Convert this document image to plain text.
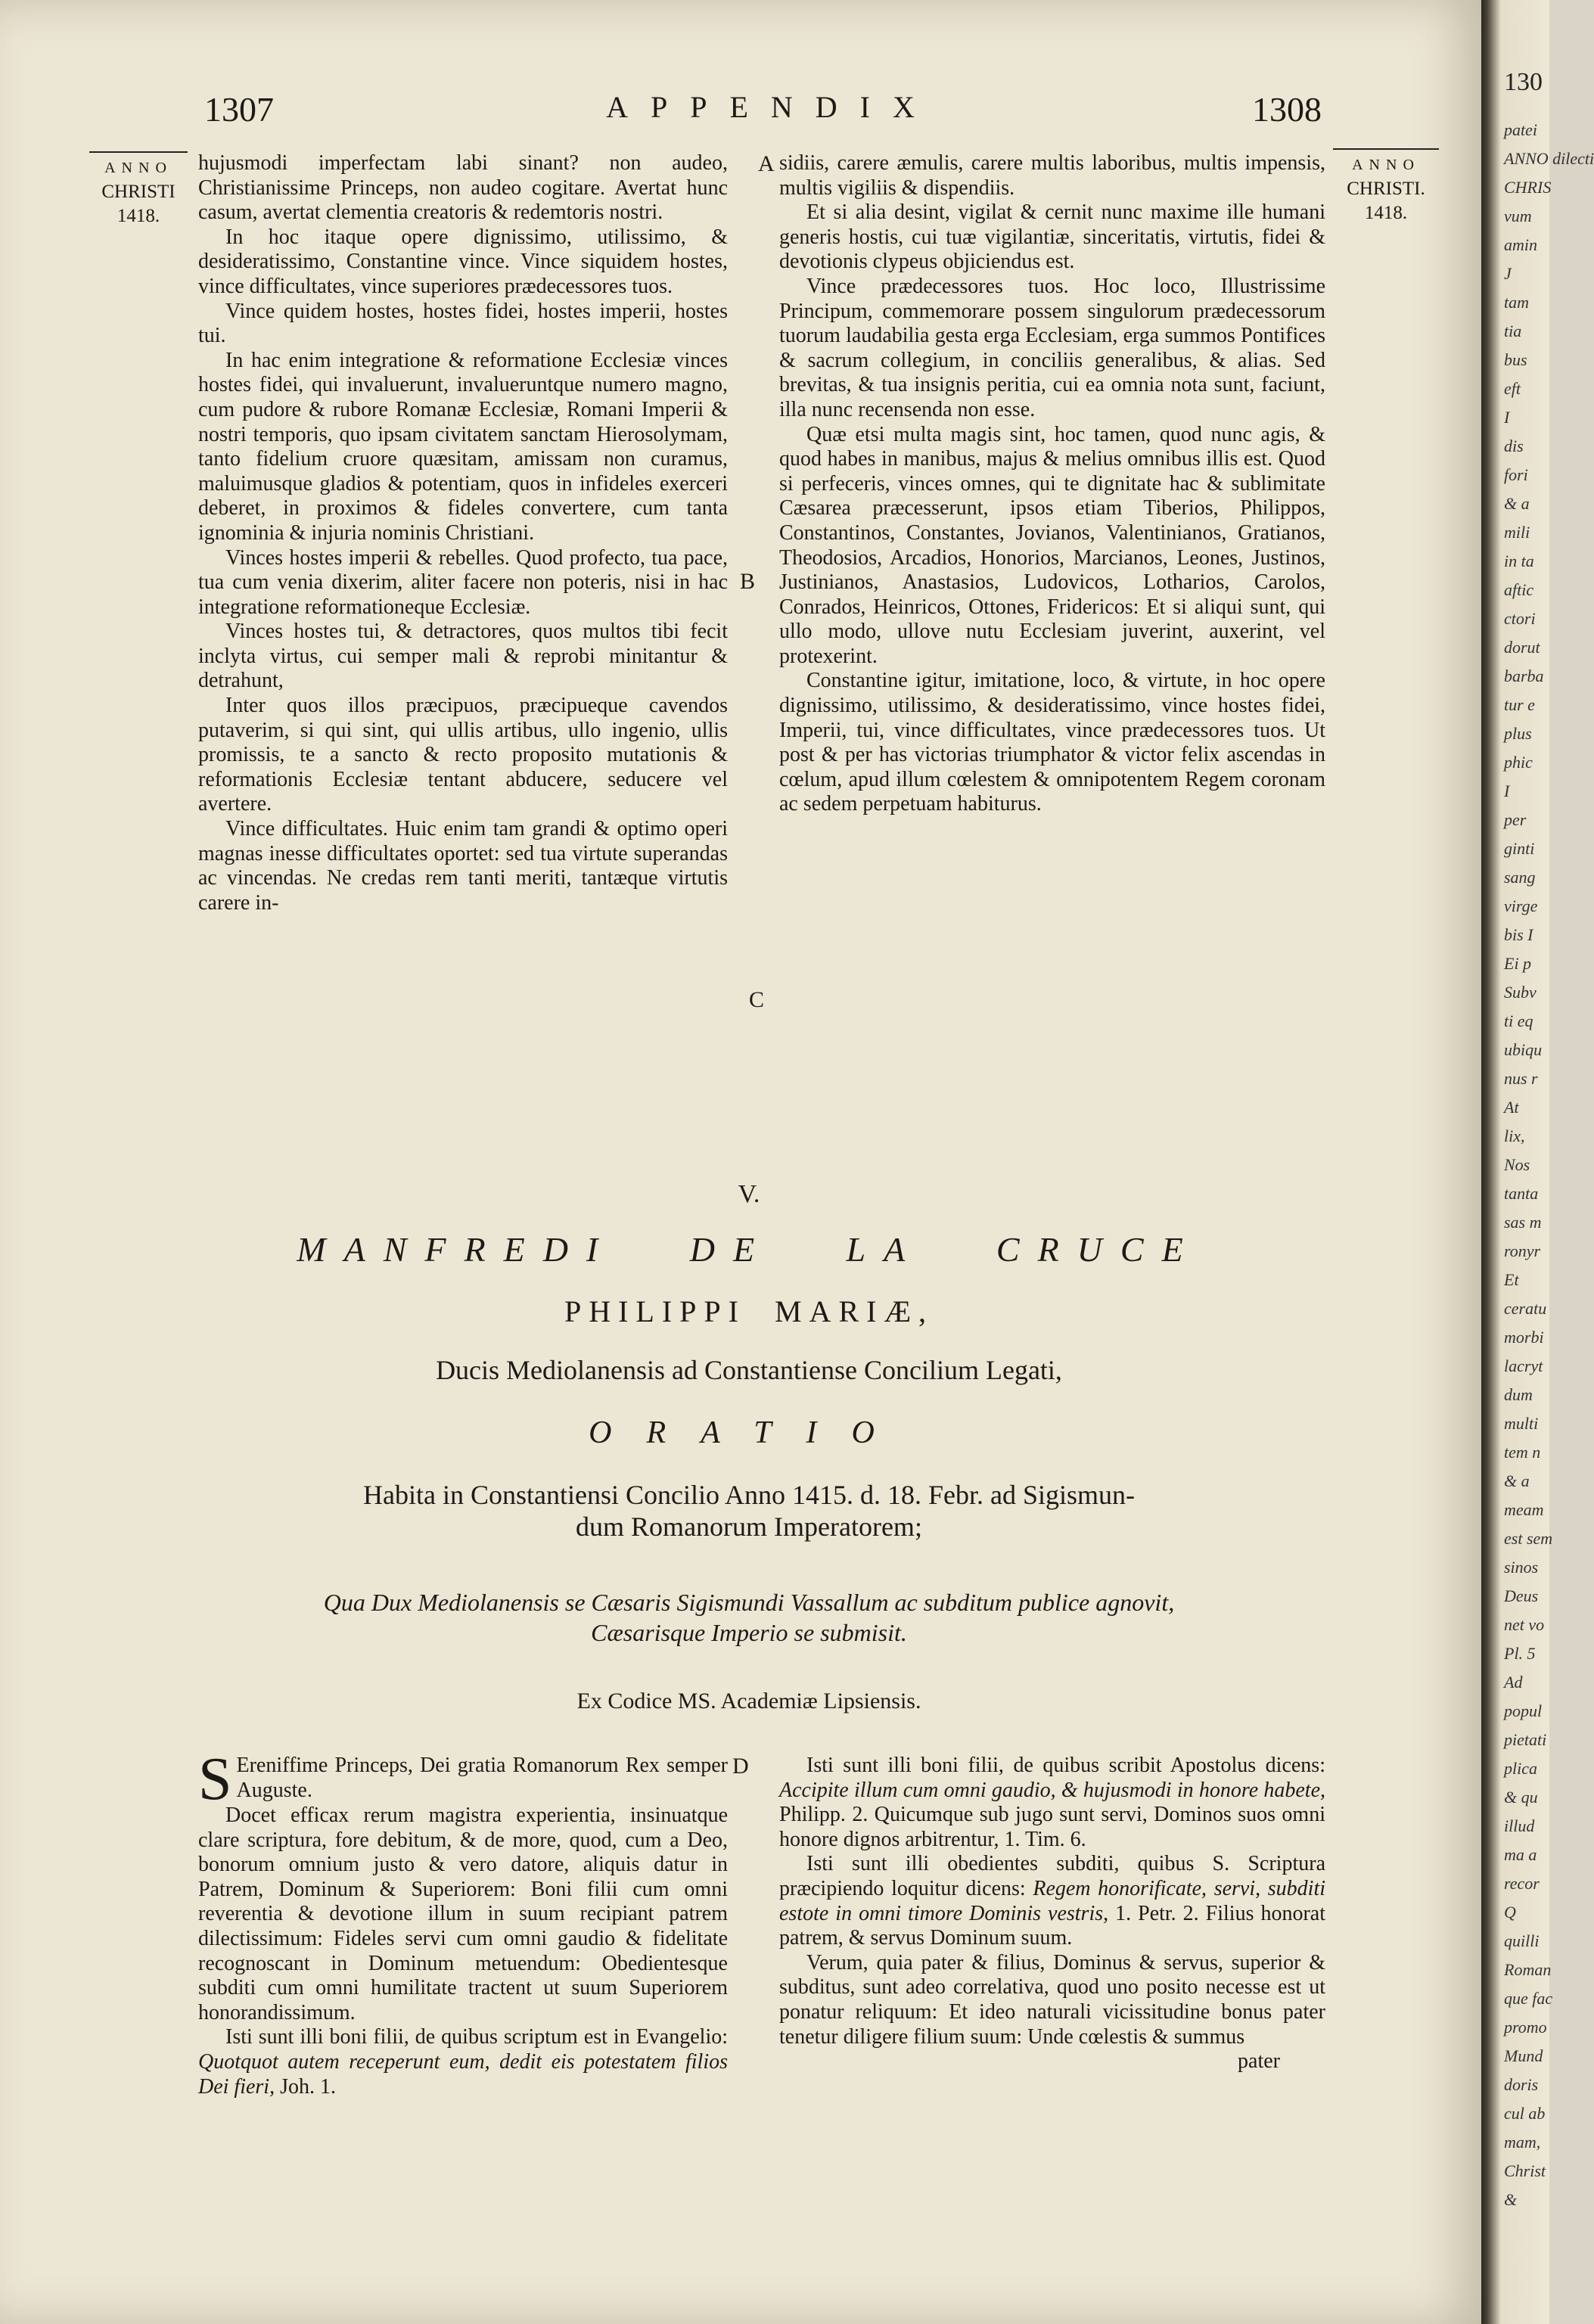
1307	APPENDIX	1308
ANNO
CHRISTI
1418.
ANNO
CHRISTI.
1418.
A
B
C
D

hujusmodi imperfectam labi sinant? non audeo, Christianissime Princeps, non audeo cogitare. Avertat hunc casum, avertat clementia creatoris & redemtoris nostri.

In hoc itaque opere dignissimo, utilissimo, & desideratissimo, Constantine vince. Vince siquidem hostes, vince difficultates, vince superiores prædecessores tuos.

Vince quidem hostes, hostes fidei, hostes imperii, hostes tui.

In hac enim integratione & reformatione Ecclesiæ vinces hostes fidei, qui invaluerunt, invalueruntque numero magno, cum pudore & rubore Romanæ Ecclesiæ, Romani Imperii & nostri temporis, quo ipsam civitatem sanctam Hierosolymam, tanto fidelium cruore quæsitam, amissam non curamus, maluimusque gladios & potentiam, quos in infideles exerceri deberet, in proximos & fideles convertere, cum tanta ignominia & injuria nominis Christiani.

Vinces hostes imperii & rebelles. Quod profecto, tua pace, tua cum venia dixerim, aliter facere non poteris, nisi in hac integratione reformationeque Ecclesiæ.

Vinces hostes tui, & detractores, quos multos tibi fecit inclyta virtus, cui semper mali & reprobi minitantur & detrahunt,

Inter quos illos præcipuos, præcipueque cavendos putaverim, si qui sint, qui ullis artibus, ullo ingenio, ullis promissis, te a sancto & recto proposito mutationis & reformationis Ecclesiæ tentant abducere, seducere vel avertere.

Vince difficultates. Huic enim tam grandi & optimo operi magnas inesse difficultates oportet: sed tua virtute superandas ac vincendas. Ne credas rem tanti meriti, tantæque virtutis carere in-

sidiis, carere æmulis, carere multis laboribus, multis impensis, multis vigiliis & dispendiis.

Et si alia desint, vigilat & cernit nunc maxime ille humani generis hostis, cui tuæ vigilantiæ, sinceritatis, virtutis, fidei & devotionis clypeus objiciendus est.

Vince prædecessores tuos. Hoc loco, Illustrissime Principum, commemorare possem singulorum prædecessorum tuorum laudabilia gesta erga Ecclesiam, erga summos Pontifices & sacrum collegium, in conciliis generalibus, & alias. Sed brevitas, & tua insignis peritia, cui ea omnia nota sunt, faciunt, illa nunc recensenda non esse.

Quæ etsi multa magis sint, hoc tamen, quod nunc agis, & quod habes in manibus, majus & melius omnibus illis est. Quod si perfeceris, vinces omnes, qui te dignitate hac & sublimitate Cæsarea præcesserunt, ipsos etiam Tiberios, Philippos, Constantinos, Constantes, Jovianos, Valentinianos, Gratianos, Theodosios, Arcadios, Honorios, Marcianos, Leones, Justinos, Justinianos, Anastasios, Ludovicos, Lotharios, Carolos, Conrados, Heinricos, Ottones, Fridericos: Et si aliqui sunt, qui ullo modo, ullove nutu Ecclesiam juverint, auxerint, vel protexerint.

Constantine igitur, imitatione, loco, & virtute, in hoc opere dignissimo, utilissimo, & desideratissimo, vince hostes fidei, Imperii, tui, vince difficultates, vince prædecessores tuos. Ut post & per has victorias triumphator & victor felix ascendas in cœlum, apud illum cœlestem & omnipotentem Regem coronam ac sedem perpetuam habiturus.

V.
MANFREDI DE LA CRUCE
PHILIPPI MARIÆ,
Ducis Mediolanensis ad Constantiense Concilium Legati,
ORATIO
Habita in Constantiensi Concilio Anno 1415. d. 18. Febr. ad Sigismun-
dum Romanorum Imperatorem;
Qua Dux Mediolanensis se Cæsaris Sigismundi Vassallum ac subditum publice agnovit,
Cæsarisque Imperio se submisit.
Ex Codice MS. Academiæ Lipsiensis.

S Ereniffime Princeps, Dei gratia Romanorum Rex semper Auguste.

Docet efficax rerum magistra experientia, insinuatque clare scriptura, fore debitum, & de more, quod, cum a Deo, bonorum omnium justo & vero datore, aliquis datur in Patrem, Dominum & Superiorem: Boni filii cum omni reverentia & devotione illum in suum recipiant patrem dilectissimum: Fideles servi cum omni gaudio & fidelitate recognoscant in Dominum metuendum: Obedientesque subditi cum omni humilitate tractent ut suum Superiorem honorandissimum.

Isti sunt illi boni filii, de quibus scriptum est in Evangelio: Quotquot autem receperunt eum, dedit eis potestatem filios Dei fieri, Joh. 1.

Isti sunt illi boni filii, de quibus scribit Apostolus dicens: Accipite illum cum omni gaudio, & hujusmodi in honore habete, Philipp. 2. Quicumque sub jugo sunt servi, Dominos suos omni honore dignos arbitrentur, 1. Tim. 6.

Isti sunt illi obedientes subditi, quibus S. Scriptura præcipiendo loquitur dicens: Regem honorificate, servi, subditi estote in omni timore Dominis vestris, 1. Petr. 2. Filius honorat patrem, & servus Dominum suum.

Verum, quia pater & filius, Dominus & servus, superior & subditus, sunt adeo correlativa, quod uno posito necesse est ut ponatur reliquum: Et ideo naturali vicissitudine bonus pater tenetur diligere filium suum: Unde cœlestis & summus

pater
130
patei
ANNO dilecti
CHRIS
vum
amin
J
tam
tia
bus
eft
I
dis
fori
& a
mili
in ta
aftic
ctori
dorut
barba
tur e
plus
phic
I
per
ginti
sang
virge
bis I
Ei p
Subv
ti eq
ubiqu
nus r
At
lix,
Nos
tanta
sas m
ronyr
Et
ceratu
morbi
lacryt
dum
multi
tem n
& a
meam
est sem
sinos
Deus
net vo
Pl. 5
Ad
popul
pietati
plica
& qu
illud
ma a
recor
Q
quilli
Roman
que fac
promo
Mund
doris
cul ab
mam,
Christ
&
